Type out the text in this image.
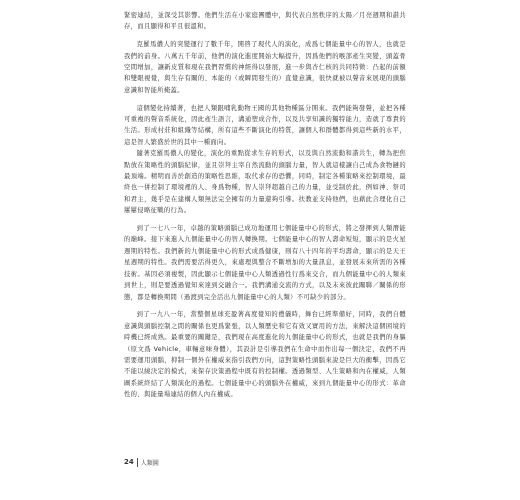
緊密連結，並深受其影響。他們生活在小家庭團體中，與代表自然秩序的太陽／月亮週期和諧共存，而且顯得和平且很溫和。

克羅馬儂人的突變運行了數千年，開啓了現代人的演化，成爲七個能量中心的智人，也就是我們的前身。八萬五千年前，他們的演化進度開始大幅提升，因爲他們的喉部產生突變，頭蓋骨空間增加，讓新皮質和現在我們習慣的神經得以發展，進一步與杏仁核的共同特徵：凸起的前額和雙眼視覺，與生存有關的、本能的（或瞬間發生的）直覺意識，很快就被以聲音來展現的頭腦意識和智能所掩蓋。

這個變化持續著，也把人類跟哺乳動物王國的其他物種區分開來。我們能夠發聲，並把各種可重複的聲音系統化，因此產生語言，溝通塑成合作，以及共享知識的獨特能力，造就了尊貴的生活。形成村莊和組織等結構，所有這些不斷演化的特質，讓個人和群體都得到這些新的水平，這是智人繁盛於世的其中一種面向。

隨著克羅馬儂人的變化，演化的重點從求生存的形式，以及與自然流動和諧共生，轉為把焦點放在策略性的頭腦紀律，並且崇拜主宰自然流動的頭腦力量，智人就這樣讓自己成為食物鏈的最頂端。精明而善於創造的策略性思維，取代求存的恐懼，同時，制定各種策略來控制環境，最終也一併控制了環境裡的人、身爲物種，智人崇拜超越自己的力量，並受制於此，例如神、祭司和君主，幾乎是在建構人類無法完全擁有的力量還夠引導。扶教並支持他們，也藉此合理化自己屢屢侵略征戰的行為。

到了一七八一年，卓越的策略頭腦已成功地運用七個能量中心的形式，將之發揮到人類潛能的巔峰。接下來進入九個能量中心的智人轉換期。七個能量中心的智人壽命短短，顯示的是火星週期的特性。我們新的九個能量中心的形式成爲健康，則有八十四年的平均壽命，顯示的是天王星週期的特性。我們需要活得更久，來處理與整合不斷增加的大量訊息，並發展未來所需的各種技術。基因必須複製，因此顯示七個能量中心人類透過性行爲來交合，而九個能量中心的人類來到世上，則是要透過覺知來達到交融合一。我們溝通交流的方式，以及未來彼此關聯／關係的形態，都是轉換期間（過渡到完全活出九個能量中心的人類）不可缺少的部分。

到了一九八一年，當整個星球充盈著高度覺知的禮儀時，舞台已經準備好，同時，我們自體意識與頭腦控制之間的關係也更爲緊張，以人類歷史和它有效又實用的方法，來解決這個困境的時機已經成熟。最重要的關鍵是，我們現在高度進化的九個能量中心的形式，也就是我們的身軀（原文爲 Vehicle，車輛意味身體），其設計是引導我們在生命中而作出每一個決定，我們不再需要運用頭腦，抑制一個外在權威來指引我們方向，這對策略性頭腦來說是巨大的衝擊，因爲它不能以繞決定的模式，來保存決策過程中既有的控制權。透過類型、人生策略和內在權威，人類圖系統終結了人類演化的過程。七個能量中心的頭腦外在權威，來到九個能量中心的形式：革命性的、與能量場連結的個人內在權威。

24 人類圖
